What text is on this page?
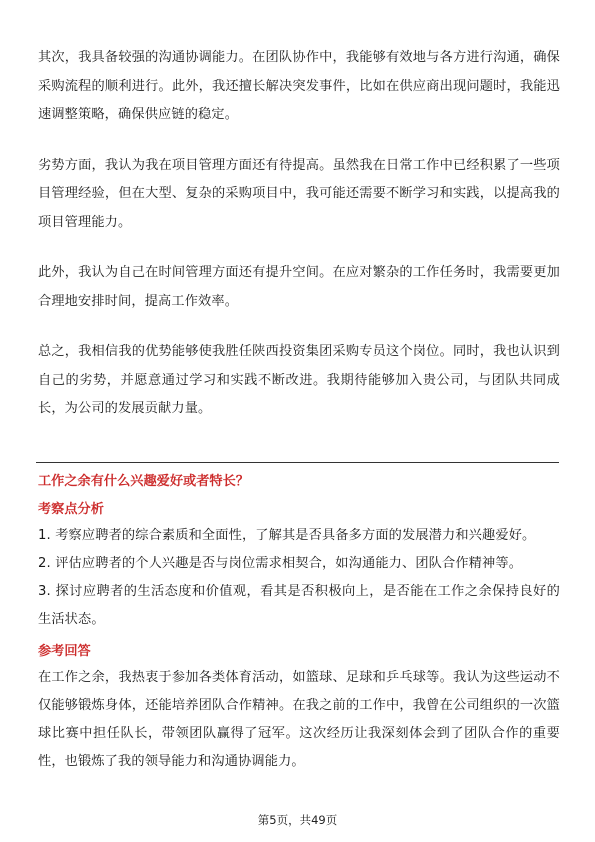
其次，我具备较强的沟通协调能力。在团队协作中，我能够有效地与各方进行沟通，确保采购流程的顺利进行。此外，我还擅长解决突发事件，比如在供应商出现问题时，我能迅速调整策略，确保供应链的稳定。

劣势方面，我认为我在项目管理方面还有待提高。虽然我在日常工作中已经积累了一些项目管理经验，但在大型、复杂的采购项目中，我可能还需要不断学习和实践，以提高我的项目管理能力。

此外，我认为自己在时间管理方面还有提升空间。在应对繁杂的工作任务时，我需要更加合理地安排时间，提高工作效率。

总之，我相信我的优势能够使我胜任陕西投资集团采购专员这个岗位。同时，我也认识到自己的劣势，并愿意通过学习和实践不断改进。我期待能够加入贵公司，与团队共同成长，为公司的发展贡献力量。

工作之余有什么兴趣爱好或者特长？

考察点分析

1. 考察应聘者的综合素质和全面性，了解其是否具备多方面的发展潜力和兴趣爱好。

2. 评估应聘者的个人兴趣是否与岗位需求相契合，如沟通能力、团队合作精神等。

3. 探讨应聘者的生活态度和价值观，看其是否积极向上，是否能在工作之余保持良好的生活状态。

参考回答

在工作之余，我热衷于参加各类体育活动，如篮球、足球和乒乓球等。我认为这些运动不仅能够锻炼身体，还能培养团队合作精神。在我之前的工作中，我曾在公司组织的一次篮球比赛中担任队长，带领团队赢得了冠军。这次经历让我深刻体会到了团队合作的重要性，也锻炼了我的领导能力和沟通协调能力。

第5页，共49页
